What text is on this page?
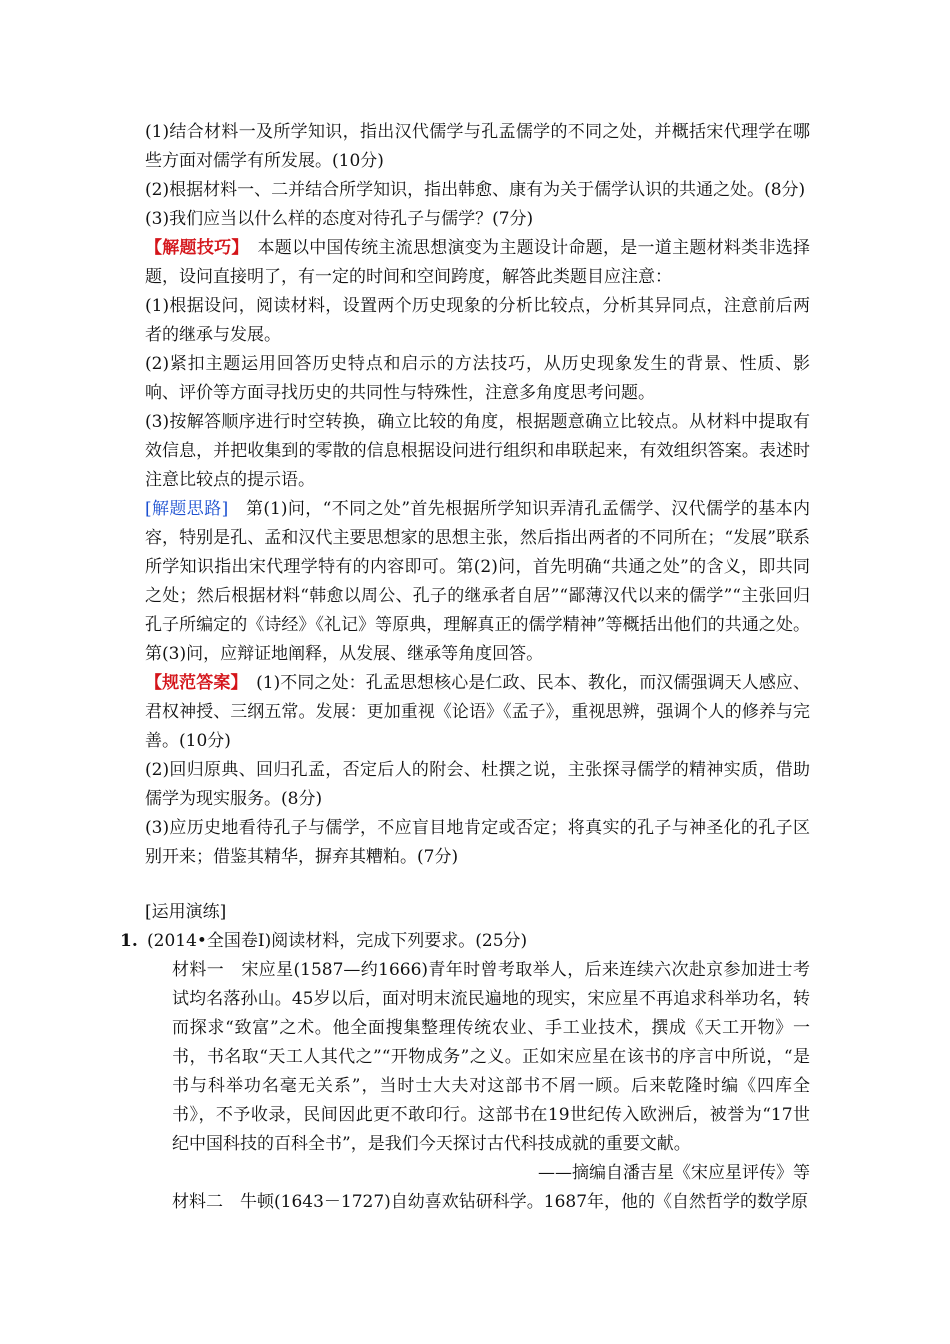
(1)结合材料一及所学知识，指出汉代儒学与孔孟儒学的不同之处，并概括宋代理学在哪些方面对儒学有所发展。(10分)

(2)根据材料一、二并结合所学知识，指出韩愈、康有为关于儒学认识的共通之处。(8分)

(3)我们应当以什么样的态度对待孔子与儒学？(7分)

【解题技巧】　 本题以中国传统主流思想演变为主题设计命题，是一道主题材料类非选择题，设问直接明了，有一定的时间和空间跨度，解答此类题目应注意：

(1)根据设问，阅读材料，设置两个历史现象的分析比较点，分析其异同点，注意前后两者的继承与发展。

(2)紧扣主题运用回答历史特点和启示的方法技巧，从历史现象发生的背景、性质、影响、评价等方面寻找历史的共同性与特殊性，注意多角度思考问题。

(3)按解答顺序进行时空转换，确立比较的角度，根据题意确立比较点。从材料中提取有效信息，并把收集到的零散的信息根据设问进行组织和串联起来，有效组织答案。表述时注意比较点的提示语。

[解题思路]　 第(1)问，“不同之处”首先根据所学知识弄清孔孟儒学、汉代儒学的基本内容，特别是孔、孟和汉代主要思想家的思想主张，然后指出两者的不同所在；“发展”联系所学知识指出宋代理学特有的内容即可。第(2)问，首先明确“共通之处”的含义，即共同之处；然后根据材料“韩愈以周公、孔子的继承者自居”“鄙薄汉代以来的儒学”“主张回归孔子所编定的《诗经》《礼记》等原典，理解真正的儒学精神”等概括出他们的共通之处。第(3)问，应辩证地阐释，从发展、继承等角度回答。

【规范答案】　 (1)不同之处：孔孟思想核心是仁政、民本、教化，而汉儒强调天人感应、君权神授、三纲五常。发展：更加重视《论语》《孟子》，重视思辨，强调个人的修养与完善。(10分)

(2)回归原典、回归孔孟，否定后人的附会、杜撰之说，主张探寻儒学的精神实质，借助儒学为现实服务。(8分)

(3)应历史地看待孔子与儒学，不应盲目地肯定或否定；将真实的孔子与神圣化的孔子区别开来；借鉴其精华，摒弃其糟粕。(7分)

[运用演练]

1. (2014•全国卷Ⅰ)阅读材料，完成下列要求。(25分)

材料一　宋应星(1587—约1666)青年时曾考取举人，后来连续六次赴京参加进士考试均名落孙山。45岁以后，面对明末流民遍地的现实，宋应星不再追求科举功名，转而探求“致富”之术。他全面搜集整理传统农业、手工业技术，撰成《天工开物》一书，书名取“天工人其代之”“开物成务”之义。正如宋应星在该书的序言中所说，“是书与科举功名毫无关系”，当时士大夫对这部书不屑一顾。后来乾隆时编《四库全书》，不予收录，民间因此更不敢印行。这部书在19世纪传入欧洲后，被誉为“17世纪中国科技的百科全书”，是我们今天探讨古代科技成就的重要文献。

——摘编自潘吉星《宋应星评传》等

材料二　牛顿(1643－1727)自幼喜欢钻研科学。1687年，他的《自然哲学的数学原
